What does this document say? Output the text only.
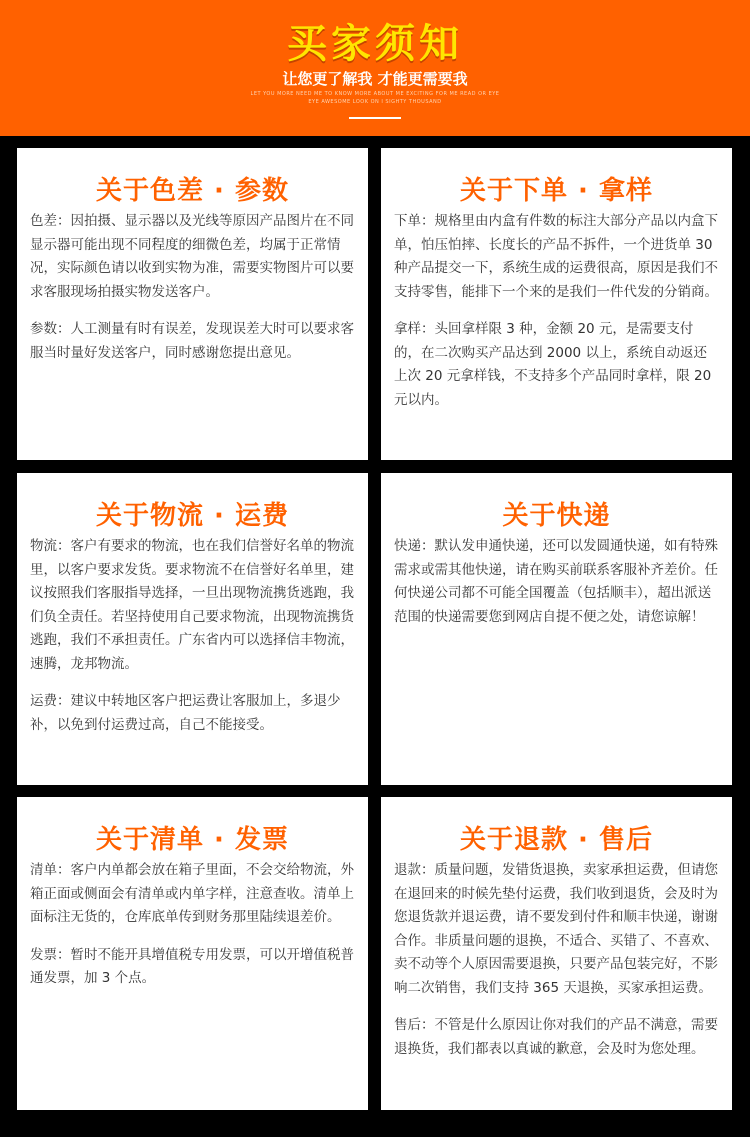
买家须知
让您更了解我 才能更需要我
LET YOU MORE NEED ME TO KNOW MORE ABOUT ME EXCITING FOR ME READ OR EYE EYE AWESOME LOOK ON I SIGHTY THOUSAND
关于色差 · 参数

色差：因拍摄、显示器以及光线等原因产品图片在不同显示器可能出现不同程度的细微色差，均属于正常情况，实际颜色请以收到实物为准，需要实物图片可以要求客服现场拍摄实物发送客户。

参数：人工测量有时有误差，发现误差大时可以要求客服当时量好发送客户，同时感谢您提出意见。

关于下单 · 拿样

下单：规格里由内盒有件数的标注大部分产品以内盒下单，怕压怕摔、长度长的产品不拆件，一个进货单 30 种产品提交一下，系统生成的运费很高，原因是我们不支持零售，能排下一个来的是我们一件代发的分销商。

拿样：头回拿样限 3 种，金额 20 元，是需要支付的，在二次购买产品达到 2000 以上，系统自动返还上次 20 元拿样钱，不支持多个产品同时拿样，限 20 元以内。

关于物流 · 运费

物流：客户有要求的物流，也在我们信誉好名单的物流里，以客户要求发货。要求物流不在信誉好名单里，建议按照我们客服指导选择，一旦出现物流携货逃跑，我们负全责任。若坚持使用自己要求物流，出现物流携货逃跑，我们不承担责任。广东省内可以选择信丰物流，速腾，龙邦物流。

运费：建议中转地区客户把运费让客服加上，多退少补，以免到付运费过高，自己不能接受。

关于快递

快递：默认发申通快递，还可以发圆通快递，如有特殊需求或需其他快递，请在购买前联系客服补齐差价。任何快递公司都不可能全国覆盖（包括顺丰），超出派送范围的快递需要您到网店自提不便之处，请您谅解！

关于清单 · 发票

清单：客户内单都会放在箱子里面，不会交给物流，外箱正面或侧面会有清单或内单字样，注意查收。清单上面标注无货的，仓库底单传到财务那里陆续退差价。

发票：暂时不能开具增值税专用发票，可以开增值税普通发票，加 3 个点。

关于退款 · 售后

退款：质量问题，发错货退换，卖家承担运费，但请您在退回来的时候先垫付运费，我们收到退货，会及时为您退货款并退运费，请不要发到付件和顺丰快递，谢谢合作。非质量问题的退换，不适合、买错了、不喜欢、卖不动等个人原因需要退换，只要产品包装完好，不影响二次销售，我们支持 365 天退换，买家承担运费。

售后：不管是什么原因让你对我们的产品不满意，需要退换货，我们都表以真诚的歉意，会及时为您处理。
